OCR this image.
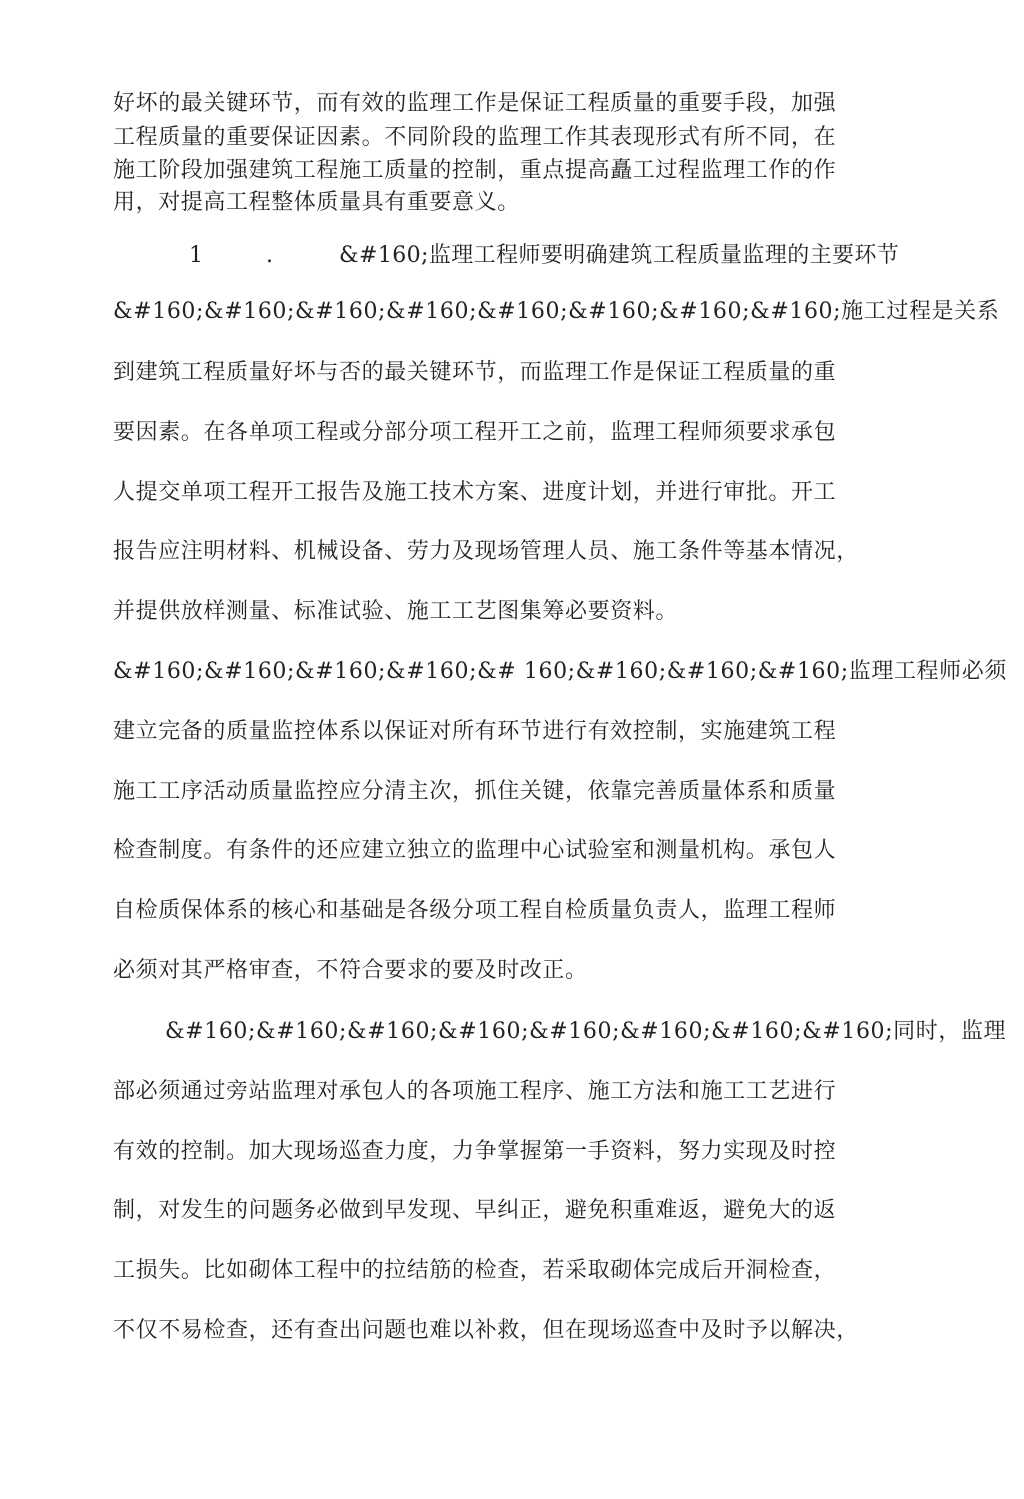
好坏的最关键环节，而有效的监理工作是保证工程质量的重要手段，加强
工程质量的重要保证因素。不同阶段的监理工作其表现形式有所不同，在
施工阶段加强建筑工程施工质量的控制，重点提高矗工过程监理工作的作
用，对提高工程整体质量具有重要意义。
1	.	&#160;监理工程师要明确建筑工程质量监理的主要环节
&#160;&#160;&#160;&#160;&#160;&#160;&#160;&#160;施工过程是关系
到建筑工程质量好坏与否的最关键环节，而监理工作是保证工程质量的重
要因素。在各单项工程或分部分项工程开工之前，监理工程师须要求承包
人提交单项工程开工报告及施工技术方案、进度计划，并进行审批。开工
报告应注明材料、机械设备、劳力及现场管理人员、施工条件等基本情况，
并提供放样测量、标准试验、施工工艺图集筹必要资料。
&#160;&#160;&#160;&#160;&# 160;&#160;&#160;&#160;监理工程师必须
建立完备的质量监控体系以保证对所有环节进行有效控制，实施建筑工程
施工工序活动质量监控应分清主次，抓住关键，依靠完善质量体系和质量
检查制度。有条件的还应建立独立的监理中心试验室和测量机构。承包人
自检质保体系的核心和基础是各级分项工程自检质量负责人，监理工程师
必须对其严格审查，不符合要求的要及时改正。
&#160;&#160;&#160;&#160;&#160;&#160;&#160;&#160;同时，监理
部必须通过旁站监理对承包人的各项施工程序、施工方法和施工工艺进行
有效的控制。加大现场巡查力度，力争掌握第一手资料，努力实现及时控
制，对发生的问题务必做到早发现、早纠正，避免积重难返，避免大的返
工损失。比如砌体工程中的拉结筋的检查，若采取砌体完成后开洞检查，
不仅不易检查，还有查出问题也难以补救，但在现场巡查中及时予以解决，
